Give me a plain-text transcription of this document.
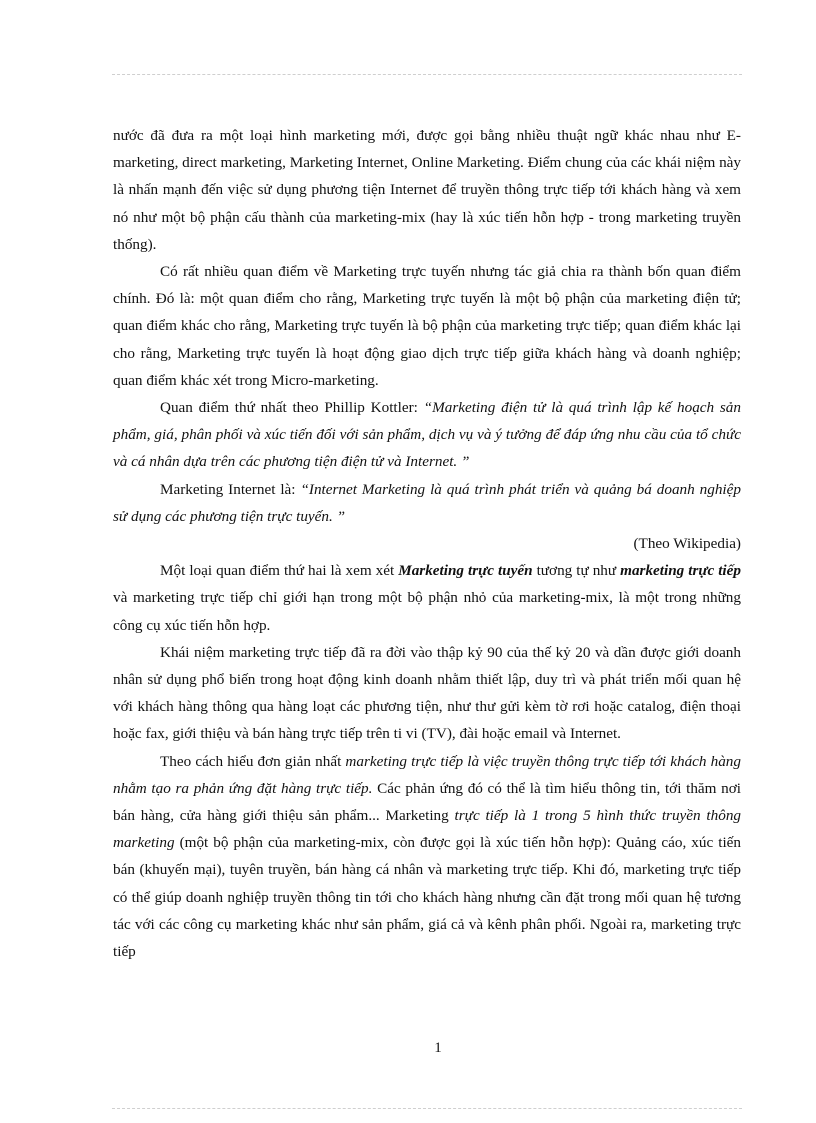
nước đã đưa ra một loại hình marketing mới, được gọi bằng nhiều thuật ngữ khác nhau như E-marketing, direct marketing, Marketing Internet, Online Marketing. Điểm chung của các khái niệm này là nhấn mạnh đến việc sử dụng phương tiện Internet để truyền thông trực tiếp tới khách hàng và xem nó như một bộ phận cấu thành của marketing-mix (hay là xúc tiến hỗn hợp - trong marketing truyền thống).

Có rất nhiều quan điểm về Marketing trực tuyến nhưng tác giả chia ra thành bốn quan điểm chính. Đó là: một quan điểm cho rằng, Marketing trực tuyến là một bộ phận của marketing điện tử; quan điểm khác cho rằng, Marketing trực tuyến là bộ phận của marketing trực tiếp; quan điểm khác lại cho rằng, Marketing trực tuyến là hoạt động giao dịch trực tiếp giữa khách hàng và doanh nghiệp; quan điểm khác xét trong Micro-marketing.

Quan điểm thứ nhất theo Phillip Kottler: “Marketing điện tử là quá trình lập kế hoạch sản phẩm, giá, phân phối và xúc tiến đối với sản phẩm, dịch vụ và ý tưởng để đáp ứng nhu cầu của tổ chức và cá nhân dựa trên các phương tiện điện tử và Internet. ”

Marketing Internet là: “Internet Marketing là quá trình phát triển và quảng bá doanh nghiệp sử dụng các phương tiện trực tuyến. ”

(Theo Wikipedia)

Một loại quan điểm thứ hai là xem xét Marketing trực tuyến tương tự như marketing trực tiếp và marketing trực tiếp chỉ giới hạn trong một bộ phận nhỏ của marketing-mix, là một trong những công cụ xúc tiến hỗn hợp.

Khái niệm marketing trực tiếp đã ra đời vào thập kỷ 90 của thế kỷ 20 và dần được giới doanh nhân sử dụng phổ biến trong hoạt động kinh doanh nhằm thiết lập, duy trì và phát triển mối quan hệ với khách hàng thông qua hàng loạt các phương tiện, như thư gửi kèm tờ rơi hoặc catalog, điện thoại hoặc fax, giới thiệu và bán hàng trực tiếp trên ti vi (TV), đài hoặc email và Internet.

Theo cách hiểu đơn giản nhất marketing trực tiếp là việc truyền thông trực tiếp tới khách hàng nhằm tạo ra phản ứng đặt hàng trực tiếp. Các phản ứng đó có thể là tìm hiểu thông tin, tới thăm nơi bán hàng, cửa hàng giới thiệu sản phẩm... Marketing trực tiếp là 1 trong 5 hình thức truyền thông marketing (một bộ phận của marketing-mix, còn được gọi là xúc tiến hỗn hợp): Quảng cáo, xúc tiến bán (khuyến mại), tuyên truyền, bán hàng cá nhân và marketing trực tiếp. Khi đó, marketing trực tiếp có thể giúp doanh nghiệp truyền thông tin tới cho khách hàng nhưng cần đặt trong mối quan hệ tương tác với các công cụ marketing khác như sản phẩm, giá cả và kênh phân phối. Ngoài ra, marketing trực tiếp

1
